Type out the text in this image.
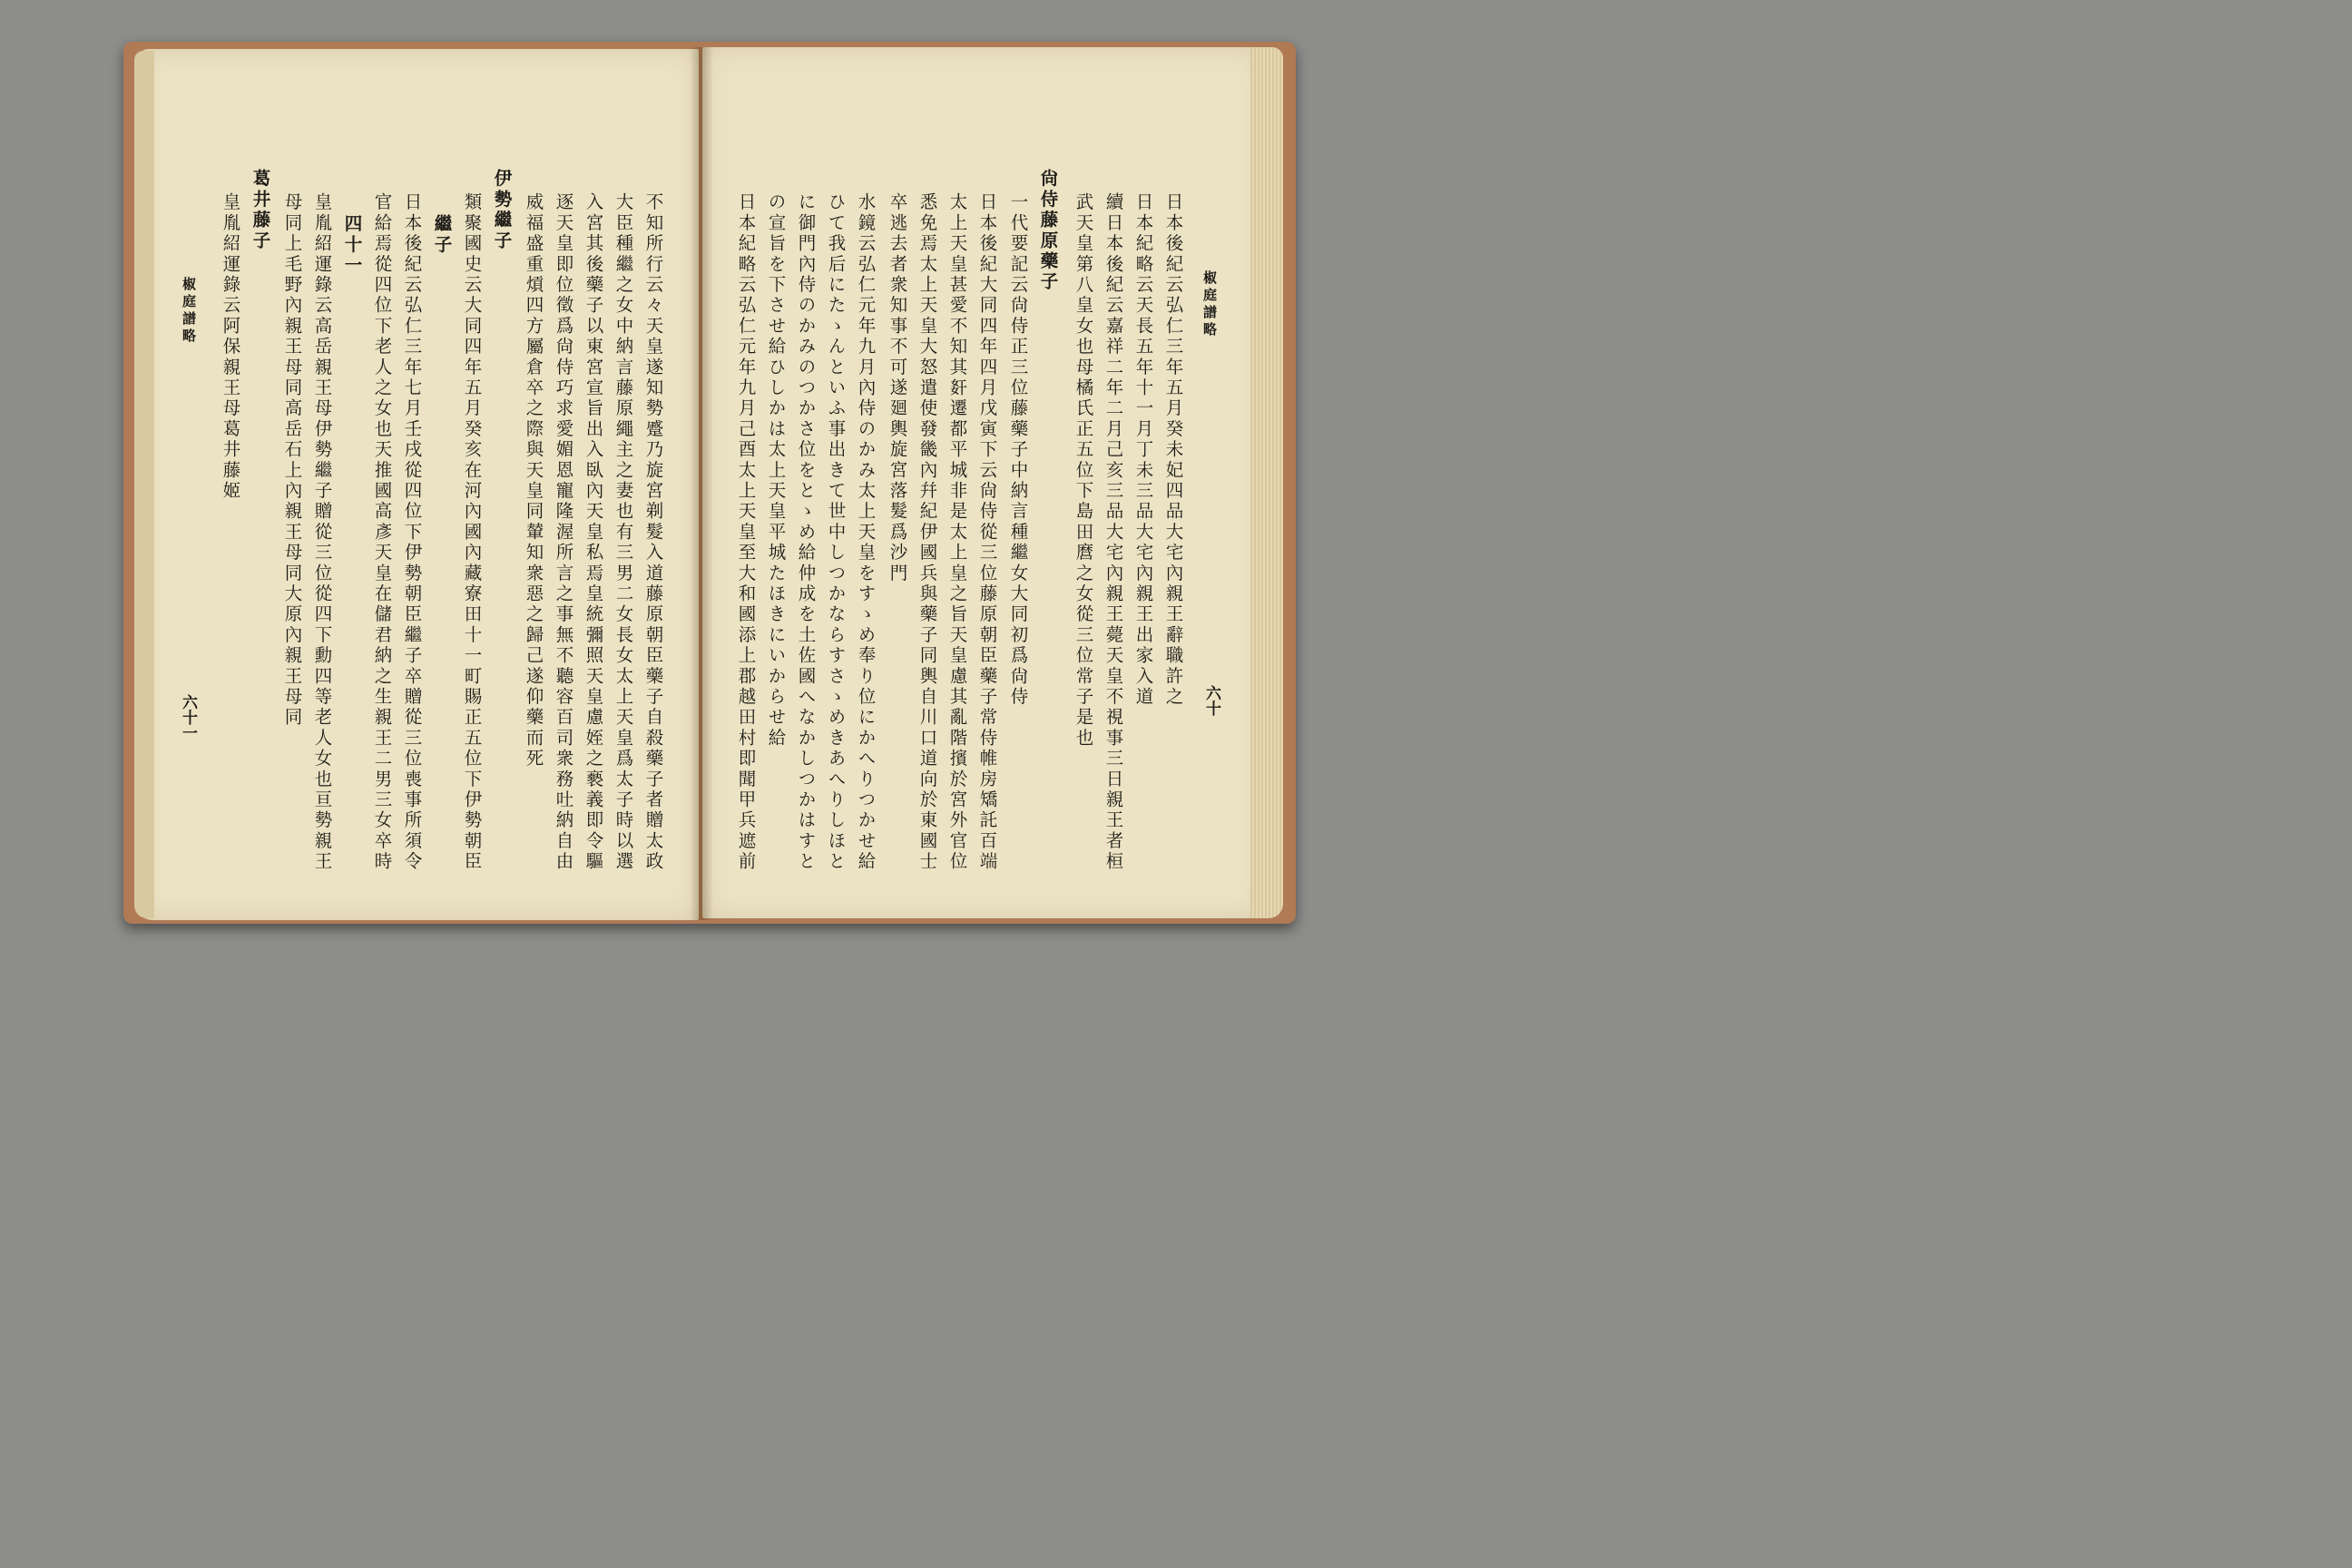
椒庭譜略
六十
日本後紀云弘仁三年五月癸未妃四品大宅內親王辭職許之
日本紀略云天長五年十一月丁未三品大宅內親王出家入道
續日本後紀云嘉祥二年二月己亥三品大宅內親王薨天皇不視事三日親王者桓
武天皇第八皇女也母橘氏正五位下島田麿之女從三位常子是也
尙侍藤原藥子
一代要記云尙侍正三位藤藥子中納言種繼女大同初爲尙侍
日本後紀大同四年四月戊寅下云尙侍從三位藤原朝臣藥子常侍帷房矯託百端
太上天皇甚愛不知其姧遷都平城非是太上皇之旨天皇慮其亂階擯於宮外官位
悉免焉太上天皇大怒遣使發畿內幷紀伊國兵與藥子同輿自川口道向於東國士
卒逃去者衆知事不可遂廻輿旋宮落髮爲沙門
水鏡云弘仁元年九月內侍のかみ太上天皇をすゝめ奉り位にかへりつかせ給
ひて我后にたゝんといふ事出きて世中しつかならすさゝめきあへりしほと
に御門內侍のかみのつかさ位をとゝめ給仲成を土佐國へなかしつかはすと
の宣旨を下させ給ひしかは太上天皇平城たほきにいからせ給
日本紀略云弘仁元年九月己酉太上天皇至大和國添上郡越田村即聞甲兵遮前
不知所行云々天皇遂知勢蹙乃旋宮剃髮入道藤原朝臣藥子自殺藥子者贈太政
大臣種繼之女中納言藤原繩主之妻也有三男二女長女太上天皇爲太子時以選
入宮其後藥子以東宮宣旨出入臥內天皇私焉皇統彌照天皇慮姪之褻義即令驅
逐天皇即位徵爲尙侍巧求愛媚恩寵隆渥所言之事無不聽容百司衆務吐納自由
威福盛重熕四方屬倉卒之際與天皇同輦知衆惡之歸己遂仰藥而死
伊勢繼子
類聚國史云大同四年五月癸亥在河內國內藏寮田十一町賜正五位下伊勢朝臣
繼子
日本後紀云弘仁三年七月壬戌從四位下伊勢朝臣繼子卒贈從三位喪事所須令
官給焉從四位下老人之女也天推國高彥天皇在儲君納之生親王二男三女卒時
四十一
皇胤紹運錄云高岳親王母伊勢繼子贈從三位從四下勳四等老人女也亘勢親王
母同上毛野內親王母同高岳石上內親王母同大原內親王母同
葛井藤子
皇胤紹運錄云阿保親王母葛井藤姬
椒庭譜略
六十一
